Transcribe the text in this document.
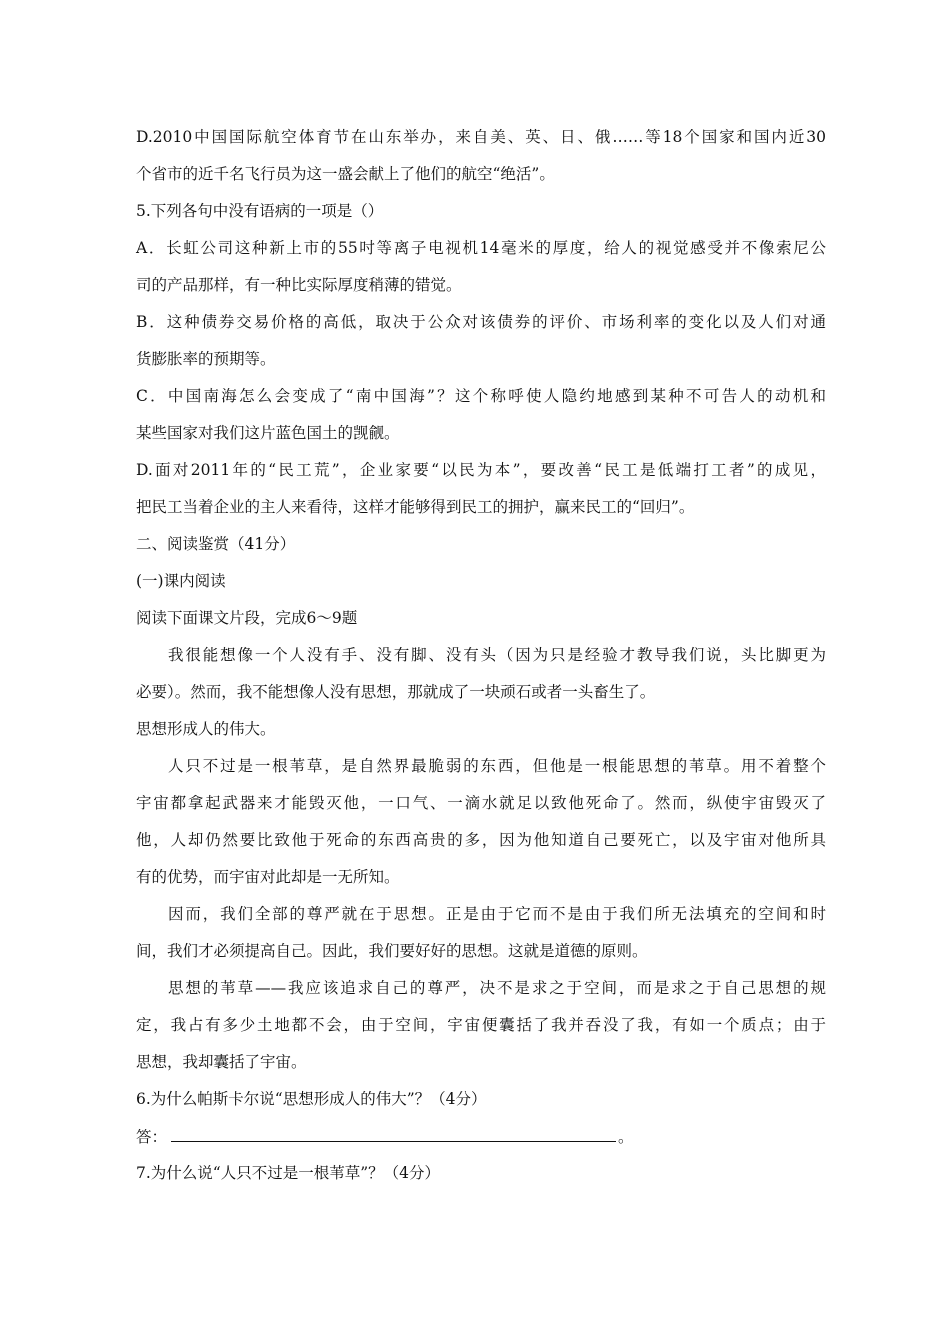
D.2010中国国际航空体育节在山东举办，来自美、英、日、俄……等18个国家和国内近30
个省市的近千名飞行员为这一盛会献上了他们的航空“绝活”。
5.下列各句中没有语病的一项是（）
A．长虹公司这种新上市的55吋等离子电视机14毫米的厚度，给人的视觉感受并不像索尼公
司的产品那样，有一种比实际厚度稍薄的错觉。
B．这种债券交易价格的高低，取决于公众对该债券的评价、市场利率的变化以及人们对通
货膨胀率的预期等。
C．中国南海怎么会变成了“南中国海”？这个称呼使人隐约地感到某种不可告人的动机和
某些国家对我们这片蓝色国土的觊觎。
D.面对2011年的“民工荒”，企业家要“以民为本”，要改善“民工是低端打工者”的成见，
把民工当着企业的主人来看待，这样才能够得到民工的拥护，赢来民工的“回归”。
二、阅读鉴赏（41分）
(一)课内阅读
阅读下面课文片段，完成6～9题
我很能想像一个人没有手、没有脚、没有头（因为只是经验才教导我们说，头比脚更为
必要）。然而，我不能想像人没有思想，那就成了一块顽石或者一头畜生了。
思想形成人的伟大。
人只不过是一根苇草，是自然界最脆弱的东西，但他是一根能思想的苇草。用不着整个
宇宙都拿起武器来才能毁灭他，一口气、一滴水就足以致他死命了。然而，纵使宇宙毁灭了
他，人却仍然要比致他于死命的东西高贵的多，因为他知道自己要死亡，以及宇宙对他所具
有的优势，而宇宙对此却是一无所知。
因而，我们全部的尊严就在于思想。正是由于它而不是由于我们所无法填充的空间和时
间，我们才必须提高自己。因此，我们要好好的思想。这就是道德的原则。
思想的苇草——我应该追求自己的尊严，决不是求之于空间，而是求之于自己思想的规
定，我占有多少土地都不会，由于空间，宇宙便囊括了我并吞没了我，有如一个质点；由于
思想，我却囊括了宇宙。
6.为什么帕斯卡尔说“思想形成人的伟大”？（4分）
答：	。
7.为什么说“人只不过是一根苇草”？（4分）
